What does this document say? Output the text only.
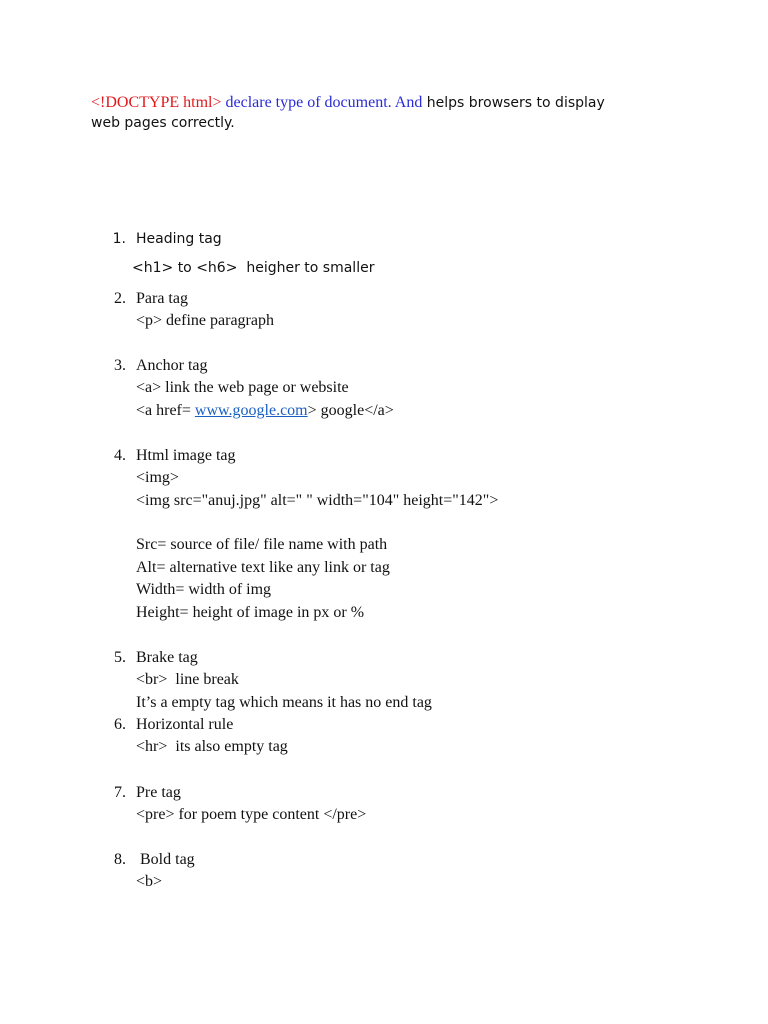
<!DOCTYPE html> declare type of document. And helps browsers to display
web pages correctly.
1. Heading tag
<h1> to <h6>  heigher to smaller
2. Para tag
<p> define paragraph
3. Anchor tag
<a> link the web page or website
<a href= www.google.com> google</a>
4. Html image tag
<img>
<img src="anuj.jpg" alt=" " width="104" height="142">
Src= source of file/ file name with path
Alt= alternative text like any link or tag
Width= width of img
Height= height of image in px or %
5. Brake tag
<br>  line break
It’s a empty tag which means it has no end tag
6. Horizontal rule
<hr>  its also empty tag
7. Pre tag
<pre> for poem type content </pre>
8. Bold tag
<b>
